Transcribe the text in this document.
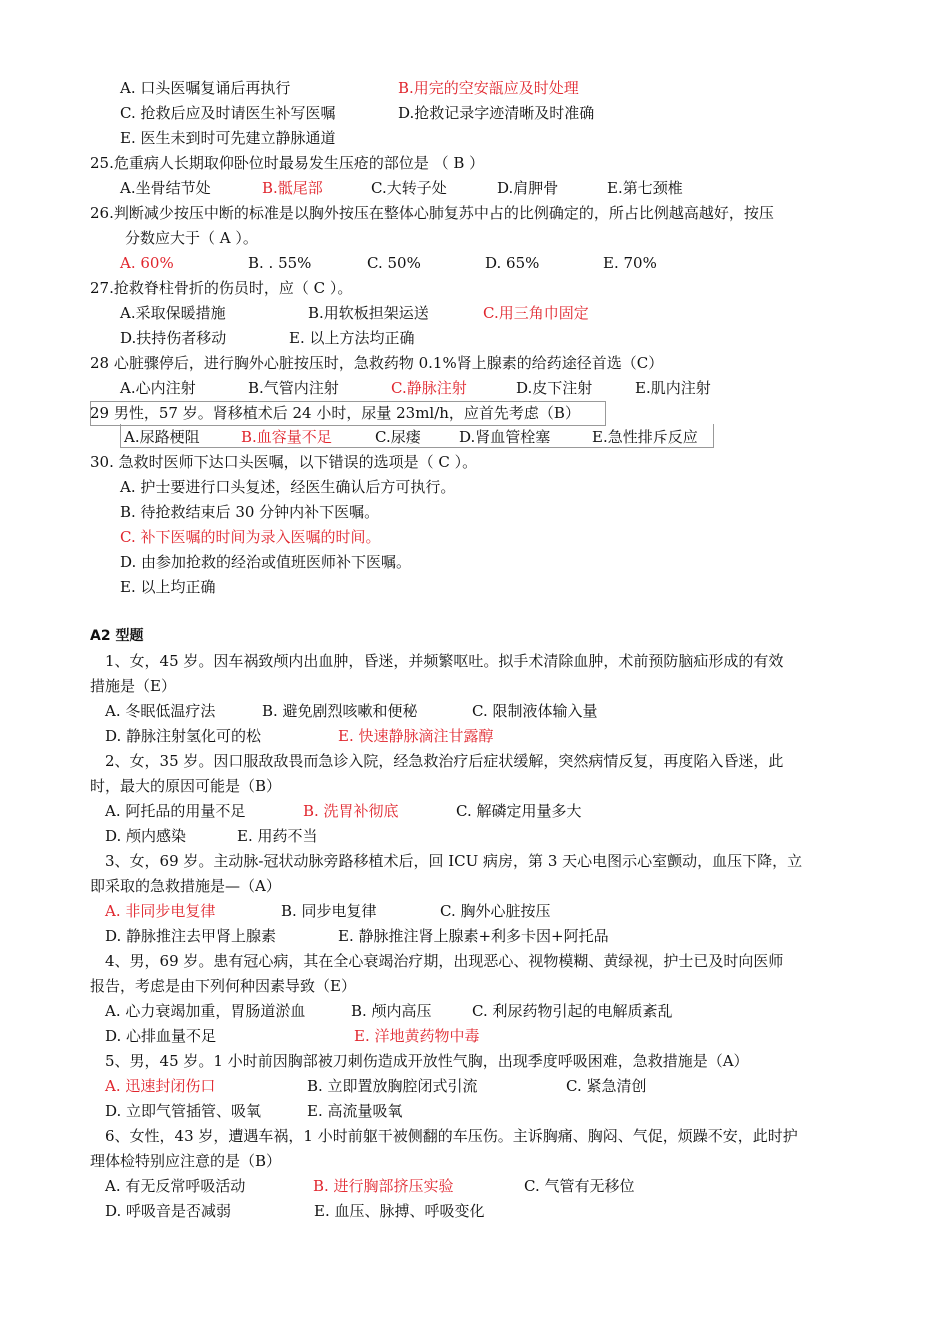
A. 口头医嘱复诵后再执行	B.用完的空安瓿应及时处理
C. 抢救后应及时请医生补写医嘱	D.抢救记录字迹清晰及时准确
E. 医生未到时可先建立静脉通道
25.危重病人长期取仰卧位时最易发生压疮的部位是 （ B ）
A.坐骨结节处	B.骶尾部	C.大转子处	D.肩胛骨	E.第七颈椎
26.判断减少按压中断的标准是以胸外按压在整体心肺复苏中占的比例确定的，所占比例越高越好，按压
分数应大于（ A ）。
A. 60%	B. . 55%	C. 50%	D. 65%	E. 70%
27.抢救脊柱骨折的伤员时，应（ C ）。
A.采取保暖措施	B.用软板担架运送	C.用三角巾固定
D.扶持伤者移动	E. 以上方法均正确
28 心脏骤停后，进行胸外心脏按压时，急救药物 0.1%肾上腺素的给药途径首选（C）
A.心内注射	B.气管内注射	C.静脉注射	D.皮下注射	E.肌内注射
29 男性，57 岁。肾移植术后 24 小时，尿量 23ml/h，应首先考虑（B）
A.尿路梗阻	B.血容量不足	C.尿瘘	D.肾血管栓塞	E.急性排斥反应
30. 急救时医师下达口头医嘱，以下错误的选项是（ C ）。
A. 护士要进行口头复述，经医生确认后方可执行。
B. 待抢救结束后 30 分钟内补下医嘱。
C. 补下医嘱的时间为录入医嘱的时间。
D. 由参加抢救的经治或值班医师补下医嘱。
E. 以上均正确
A2 型题
1、女，45 岁。因车祸致颅内出血肿，昏迷，并频繁呕吐。拟手术清除血肿，术前预防脑疝形成的有效
措施是（E）
A. 冬眠低温疗法	B. 避免剧烈咳嗽和便秘	C. 限制液体输入量
D. 静脉注射氢化可的松	E. 快速静脉滴注甘露醇
2、女，35 岁。因口服敌敌畏而急诊入院，经急救治疗后症状缓解，突然病情反复，再度陷入昏迷，此
时，最大的原因可能是（B）
A. 阿托品的用量不足	B. 洗胃补彻底	C. 解磷定用量多大
D. 颅内感染	E. 用药不当
3、女，69 岁。主动脉-冠状动脉旁路移植术后，回 ICU 病房，第 3 天心电图示心室颤动，血压下降，立
即采取的急救措施是—（A）
A. 非同步电复律	B. 同步电复律	C. 胸外心脏按压
D. 静脉推注去甲肾上腺素	E. 静脉推注肾上腺素+利多卡因+阿托品
4、男，69 岁。患有冠心病，其在全心衰竭治疗期，出现恶心、视物模糊、黄绿视，护士已及时向医师
报告，考虑是由下列何种因素导致（E）
A. 心力衰竭加重，胃肠道淤血	B. 颅内高压	C. 利尿药物引起的电解质紊乱
D. 心排血量不足	E. 洋地黄药物中毒
5、男，45 岁。1 小时前因胸部被刀刺伤造成开放性气胸，出现季度呼吸困难，急救措施是（A）
A. 迅速封闭伤口	B. 立即置放胸腔闭式引流	C. 紧急清创
D. 立即气管插管、吸氧	E. 高流量吸氧
6、女性，43 岁，遭遇车祸，1 小时前躯干被侧翻的车压伤。主诉胸痛、胸闷、气促，烦躁不安，此时护
理体检特别应注意的是（B）
A. 有无反常呼吸活动	B. 进行胸部挤压实验	C. 气管有无移位
D. 呼吸音是否减弱	E. 血压、脉搏、呼吸变化
